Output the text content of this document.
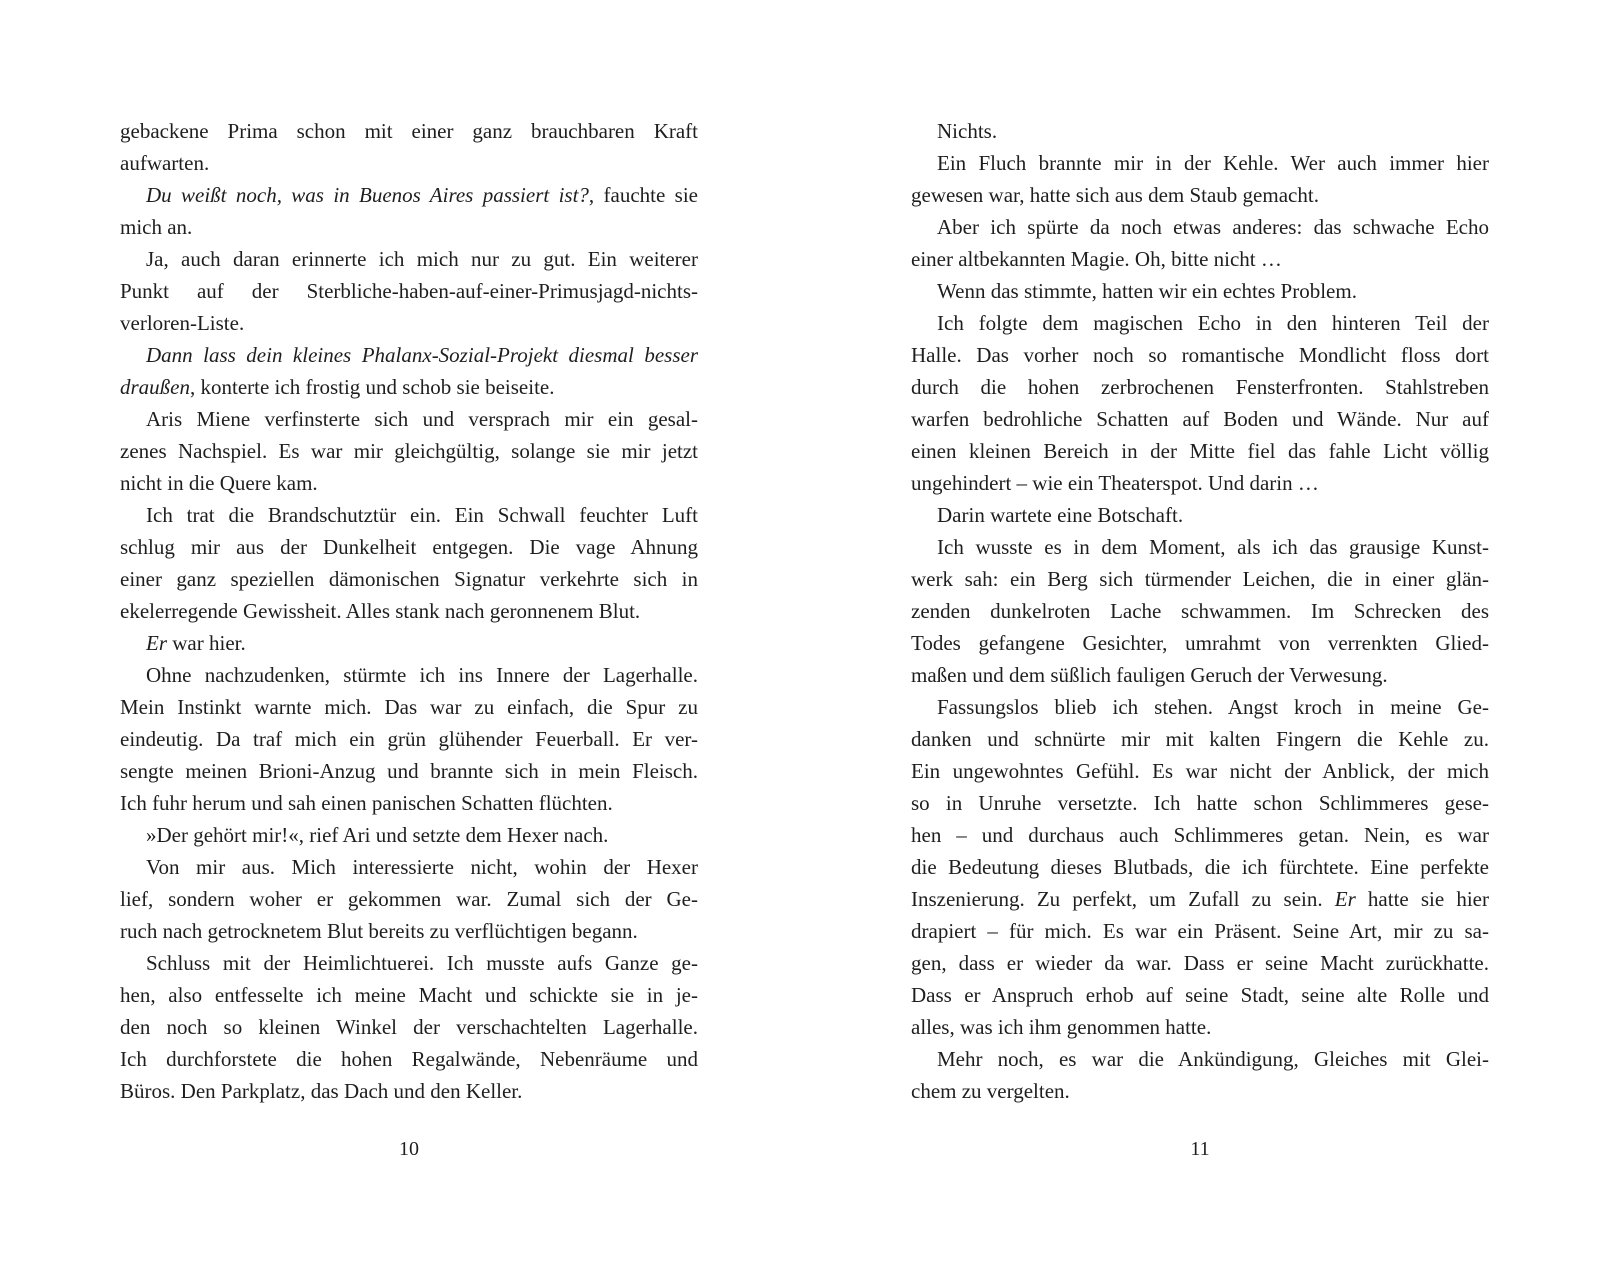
gebackene Prima schon mit einer ganz brauchbaren Kraft
aufwarten.
Du weißt noch, was in Buenos Aires passiert ist?, fauchte sie
mich an.
Ja, auch daran erinnerte ich mich nur zu gut. Ein weiterer
Punkt auf der Sterbliche-haben-auf-einer-Primusjagd-nichts-
verloren-Liste.
Dann lass dein kleines Phalanx-Sozial-Projekt diesmal besser
draußen, konterte ich frostig und schob sie beiseite.
Aris Miene verfinsterte sich und versprach mir ein gesal-
zenes Nachspiel. Es war mir gleichgültig, solange sie mir jetzt
nicht in die Quere kam.
Ich trat die Brandschutztür ein. Ein Schwall feuchter Luft
schlug mir aus der Dunkelheit entgegen. Die vage Ahnung
einer ganz speziellen dämonischen Signatur verkehrte sich in
ekelerregende Gewissheit. Alles stank nach geronnenem Blut.
Er war hier.
Ohne nachzudenken, stürmte ich ins Innere der Lagerhalle.
Mein Instinkt warnte mich. Das war zu einfach, die Spur zu
eindeutig. Da traf mich ein grün glühender Feuerball. Er ver-
sengte meinen Brioni-Anzug und brannte sich in mein Fleisch.
Ich fuhr herum und sah einen panischen Schatten flüchten.
»Der gehört mir!«, rief Ari und setzte dem Hexer nach.
Von mir aus. Mich interessierte nicht, wohin der Hexer
lief, sondern woher er gekommen war. Zumal sich der Ge-
ruch nach getrocknetem Blut bereits zu verflüchtigen begann.
Schluss mit der Heimlichtuerei. Ich musste aufs Ganze ge-
hen, also entfesselte ich meine Macht und schickte sie in je-
den noch so kleinen Winkel der verschachtelten Lagerhalle.
Ich durchforstete die hohen Regalwände, Nebenräume und
Büros. Den Parkplatz, das Dach und den Keller.
10
Nichts.
Ein Fluch brannte mir in der Kehle. Wer auch immer hier
gewesen war, hatte sich aus dem Staub gemacht.
Aber ich spürte da noch etwas anderes: das schwache Echo
einer altbekannten Magie. Oh, bitte nicht …
Wenn das stimmte, hatten wir ein echtes Problem.
Ich folgte dem magischen Echo in den hinteren Teil der
Halle. Das vorher noch so romantische Mondlicht floss dort
durch die hohen zerbrochenen Fensterfronten. Stahlstreben
warfen bedrohliche Schatten auf Boden und Wände. Nur auf
einen kleinen Bereich in der Mitte fiel das fahle Licht völlig
ungehindert – wie ein Theaterspot. Und darin …
Darin wartete eine Botschaft.
Ich wusste es in dem Moment, als ich das grausige Kunst-
werk sah: ein Berg sich türmender Leichen, die in einer glän-
zenden dunkelroten Lache schwammen. Im Schrecken des
Todes gefangene Gesichter, umrahmt von verrenkten Glied-
maßen und dem süßlich fauligen Geruch der Verwesung.
Fassungslos blieb ich stehen. Angst kroch in meine Ge-
danken und schnürte mir mit kalten Fingern die Kehle zu.
Ein ungewohntes Gefühl. Es war nicht der Anblick, der mich
so in Unruhe versetzte. Ich hatte schon Schlimmeres gese-
hen – und durchaus auch Schlimmeres getan. Nein, es war
die Bedeutung dieses Blutbads, die ich fürchtete. Eine perfekte
Inszenierung. Zu perfekt, um Zufall zu sein. Er hatte sie hier
drapiert – für mich. Es war ein Präsent. Seine Art, mir zu sa-
gen, dass er wieder da war. Dass er seine Macht zurückhatte.
Dass er Anspruch erhob auf seine Stadt, seine alte Rolle und
alles, was ich ihm genommen hatte.
Mehr noch, es war die Ankündigung, Gleiches mit Glei-
chem zu vergelten.
11
